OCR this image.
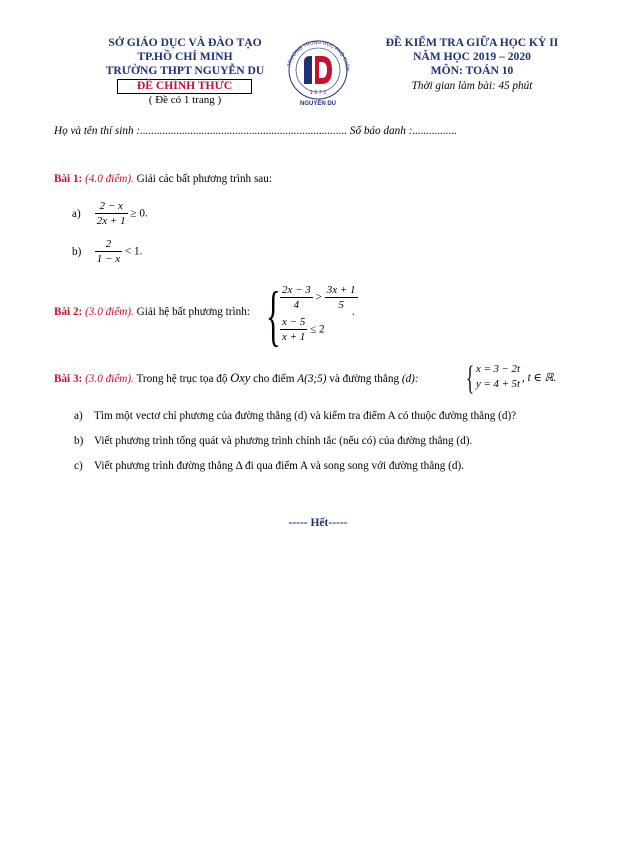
SỞ GIÁO DỤC VÀ ĐÀO TẠO
TP.HỒ CHÍ MINH
TRƯỜNG THPT NGUYỄN DU
ĐỀ CHÍNH THỨC
( Đề có 1 trang )
TRƯỜNG TRUNG HỌC PHỔ THÔN
1 9 7 1
NGUYỄN DU
ĐỀ KIỂM TRA GIỮA HỌC KỲ II
NĂM HỌC 2019 – 2020
MÔN: TOÁN 10
Thời gian làm bài: 45 phút
Họ và tên thí sinh :.......................................................................... Số báo danh :................
Bài 1: (4.0 điểm). Giải các bất phương trình sau:
$a) \frac{2 - x}{2x + 1} \ge 0$.
$b) \frac{2}{1 - x} < 1$.
Bài 2: (3.0 điểm). Giải hệ bất phương trình: { $\frac{2x - 3}{4} > \frac{3x + 1}{5}$
$\frac{x - 5}{x + 1} \le 2$
.
Bài 3: (3.0 điểm). Trong hệ trục tọa độ Oxy cho điểm A(3;5) và đường thẳng (d): { x = 3 − 2t
y = 4 + 5t , t ∈ ℝ.
a) Tìm một vectơ chỉ phương của đường thẳng (d) và kiểm tra điểm A có thuộc đường thẳng (d)?
b) Viết phương trình tổng quát và phương trình chính tắc (nếu có) của đường thẳng (d).
c) Viết phương trình đường thẳng Δ đi qua điểm A và song song với đường thẳng (d).
----- Hết-----
